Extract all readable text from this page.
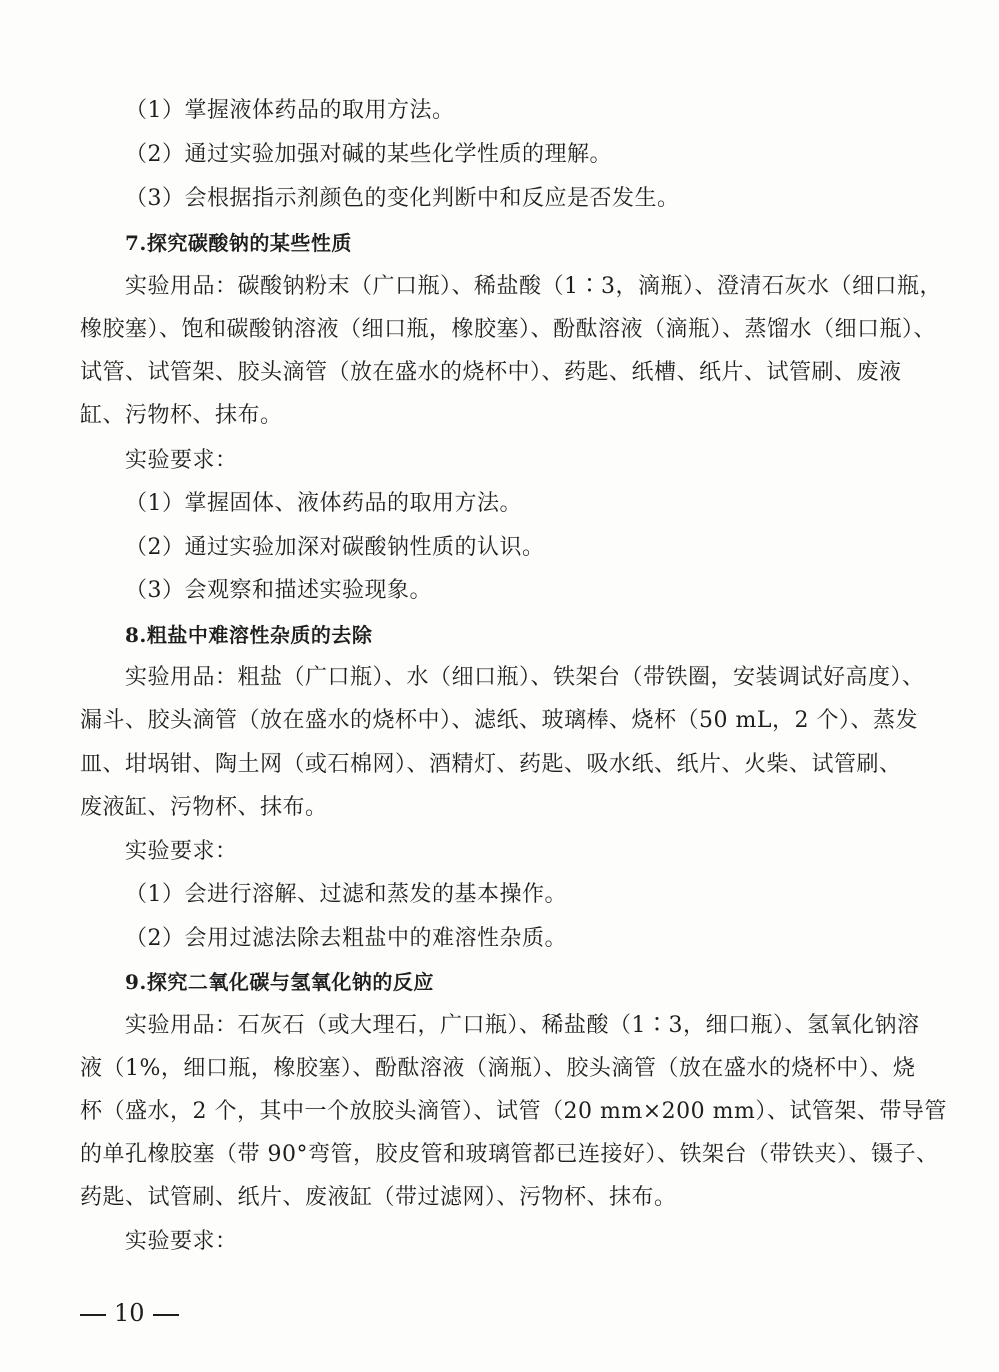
（1）掌握液体药品的取用方法。
（2）通过实验加强对碱的某些化学性质的理解。
（3）会根据指示剂颜色的变化判断中和反应是否发生。
7.探究碳酸钠的某些性质
实验用品：碳酸钠粉末（广口瓶）、稀盐酸（1∶3，滴瓶）、澄清石灰水（细口瓶，
橡胶塞）、饱和碳酸钠溶液（细口瓶，橡胶塞）、酚酞溶液（滴瓶）、蒸馏水（细口瓶）、
试管、试管架、胶头滴管（放在盛水的烧杯中）、药匙、纸槽、纸片、试管刷、废液
缸、污物杯、抹布。
实验要求：
（1）掌握固体、液体药品的取用方法。
（2）通过实验加深对碳酸钠性质的认识。
（3）会观察和描述实验现象。
8.粗盐中难溶性杂质的去除
实验用品：粗盐（广口瓶）、水（细口瓶）、铁架台（带铁圈，安装调试好高度）、
漏斗、胶头滴管（放在盛水的烧杯中）、滤纸、玻璃棒、烧杯（50 mL，2 个）、蒸发
皿、坩埚钳、陶土网（或石棉网）、酒精灯、药匙、吸水纸、纸片、火柴、试管刷、
废液缸、污物杯、抹布。
实验要求：
（1）会进行溶解、过滤和蒸发的基本操作。
（2）会用过滤法除去粗盐中的难溶性杂质。
9.探究二氧化碳与氢氧化钠的反应
实验用品：石灰石（或大理石，广口瓶）、稀盐酸（1∶3，细口瓶）、氢氧化钠溶
液（1%，细口瓶，橡胶塞）、酚酞溶液（滴瓶）、胶头滴管（放在盛水的烧杯中）、烧
杯（盛水，2 个，其中一个放胶头滴管）、试管（20 mm×200 mm）、试管架、带导管
的单孔橡胶塞（带 90°弯管，胶皮管和玻璃管都已连接好）、铁架台（带铁夹）、镊子、
药匙、试管刷、纸片、废液缸（带过滤网）、污物杯、抹布。
实验要求：
10
